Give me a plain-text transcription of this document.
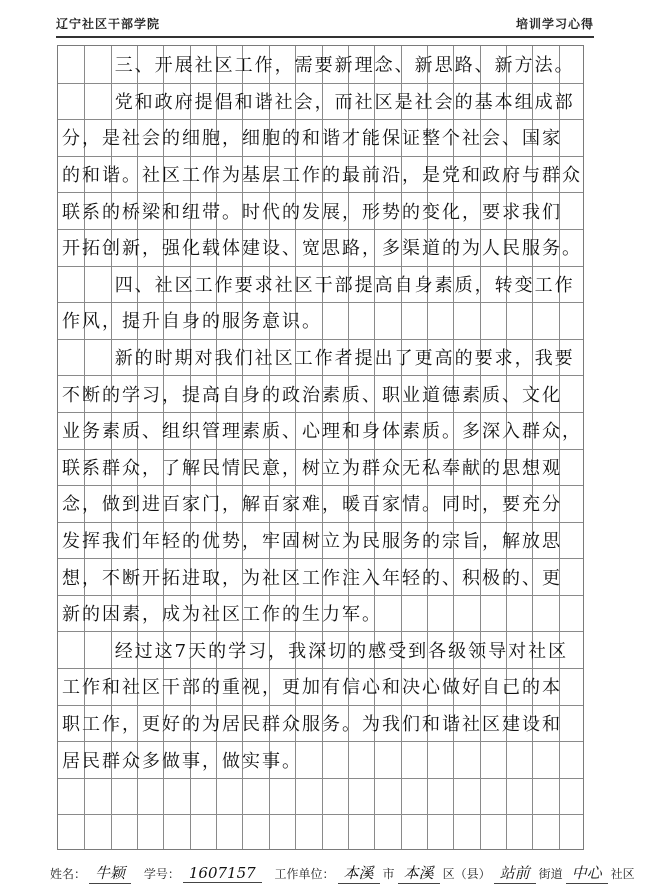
辽宁社区干部学院	培训学习心得
三、开展社区工作，需要新理念、新思路、新方法。
党和政府提倡和谐社会，而社区是社会的基本组成部
分，是社会的细胞，细胞的和谐才能保证整个社会、国家
的和谐。社区工作为基层工作的最前沿，是党和政府与群众
联系的桥梁和纽带。时代的发展，形势的变化，要求我们
开拓创新，强化载体建设、宽思路，多渠道的为人民服务。
四、社区工作要求社区干部提高自身素质，转变工作
作风，提升自身的服务意识。
新的时期对我们社区工作者提出了更高的要求，我要
不断的学习，提高自身的政治素质、职业道德素质、文化
业务素质、组织管理素质、心理和身体素质。多深入群众，
联系群众，了解民情民意，树立为群众无私奉献的思想观
念，做到进百家门，解百家难，暖百家情。同时，要充分
发挥我们年轻的优势，牢固树立为民服务的宗旨，解放思
想，不断开拓进取，为社区工作注入年轻的、积极的、更
新的因素，成为社区工作的生力军。
经过这7天的学习，我深切的感受到各级领导对社区
工作和社区干部的重视，更加有信心和决心做好自己的本
职工作，更好的为居民群众服务。为我们和谐社区建设和
居民群众多做事，做实事。
姓名： 牛颖 学号： 1607157 工作单位： 本溪 市 本溪 区（县） 站前 街道 中心 社区
